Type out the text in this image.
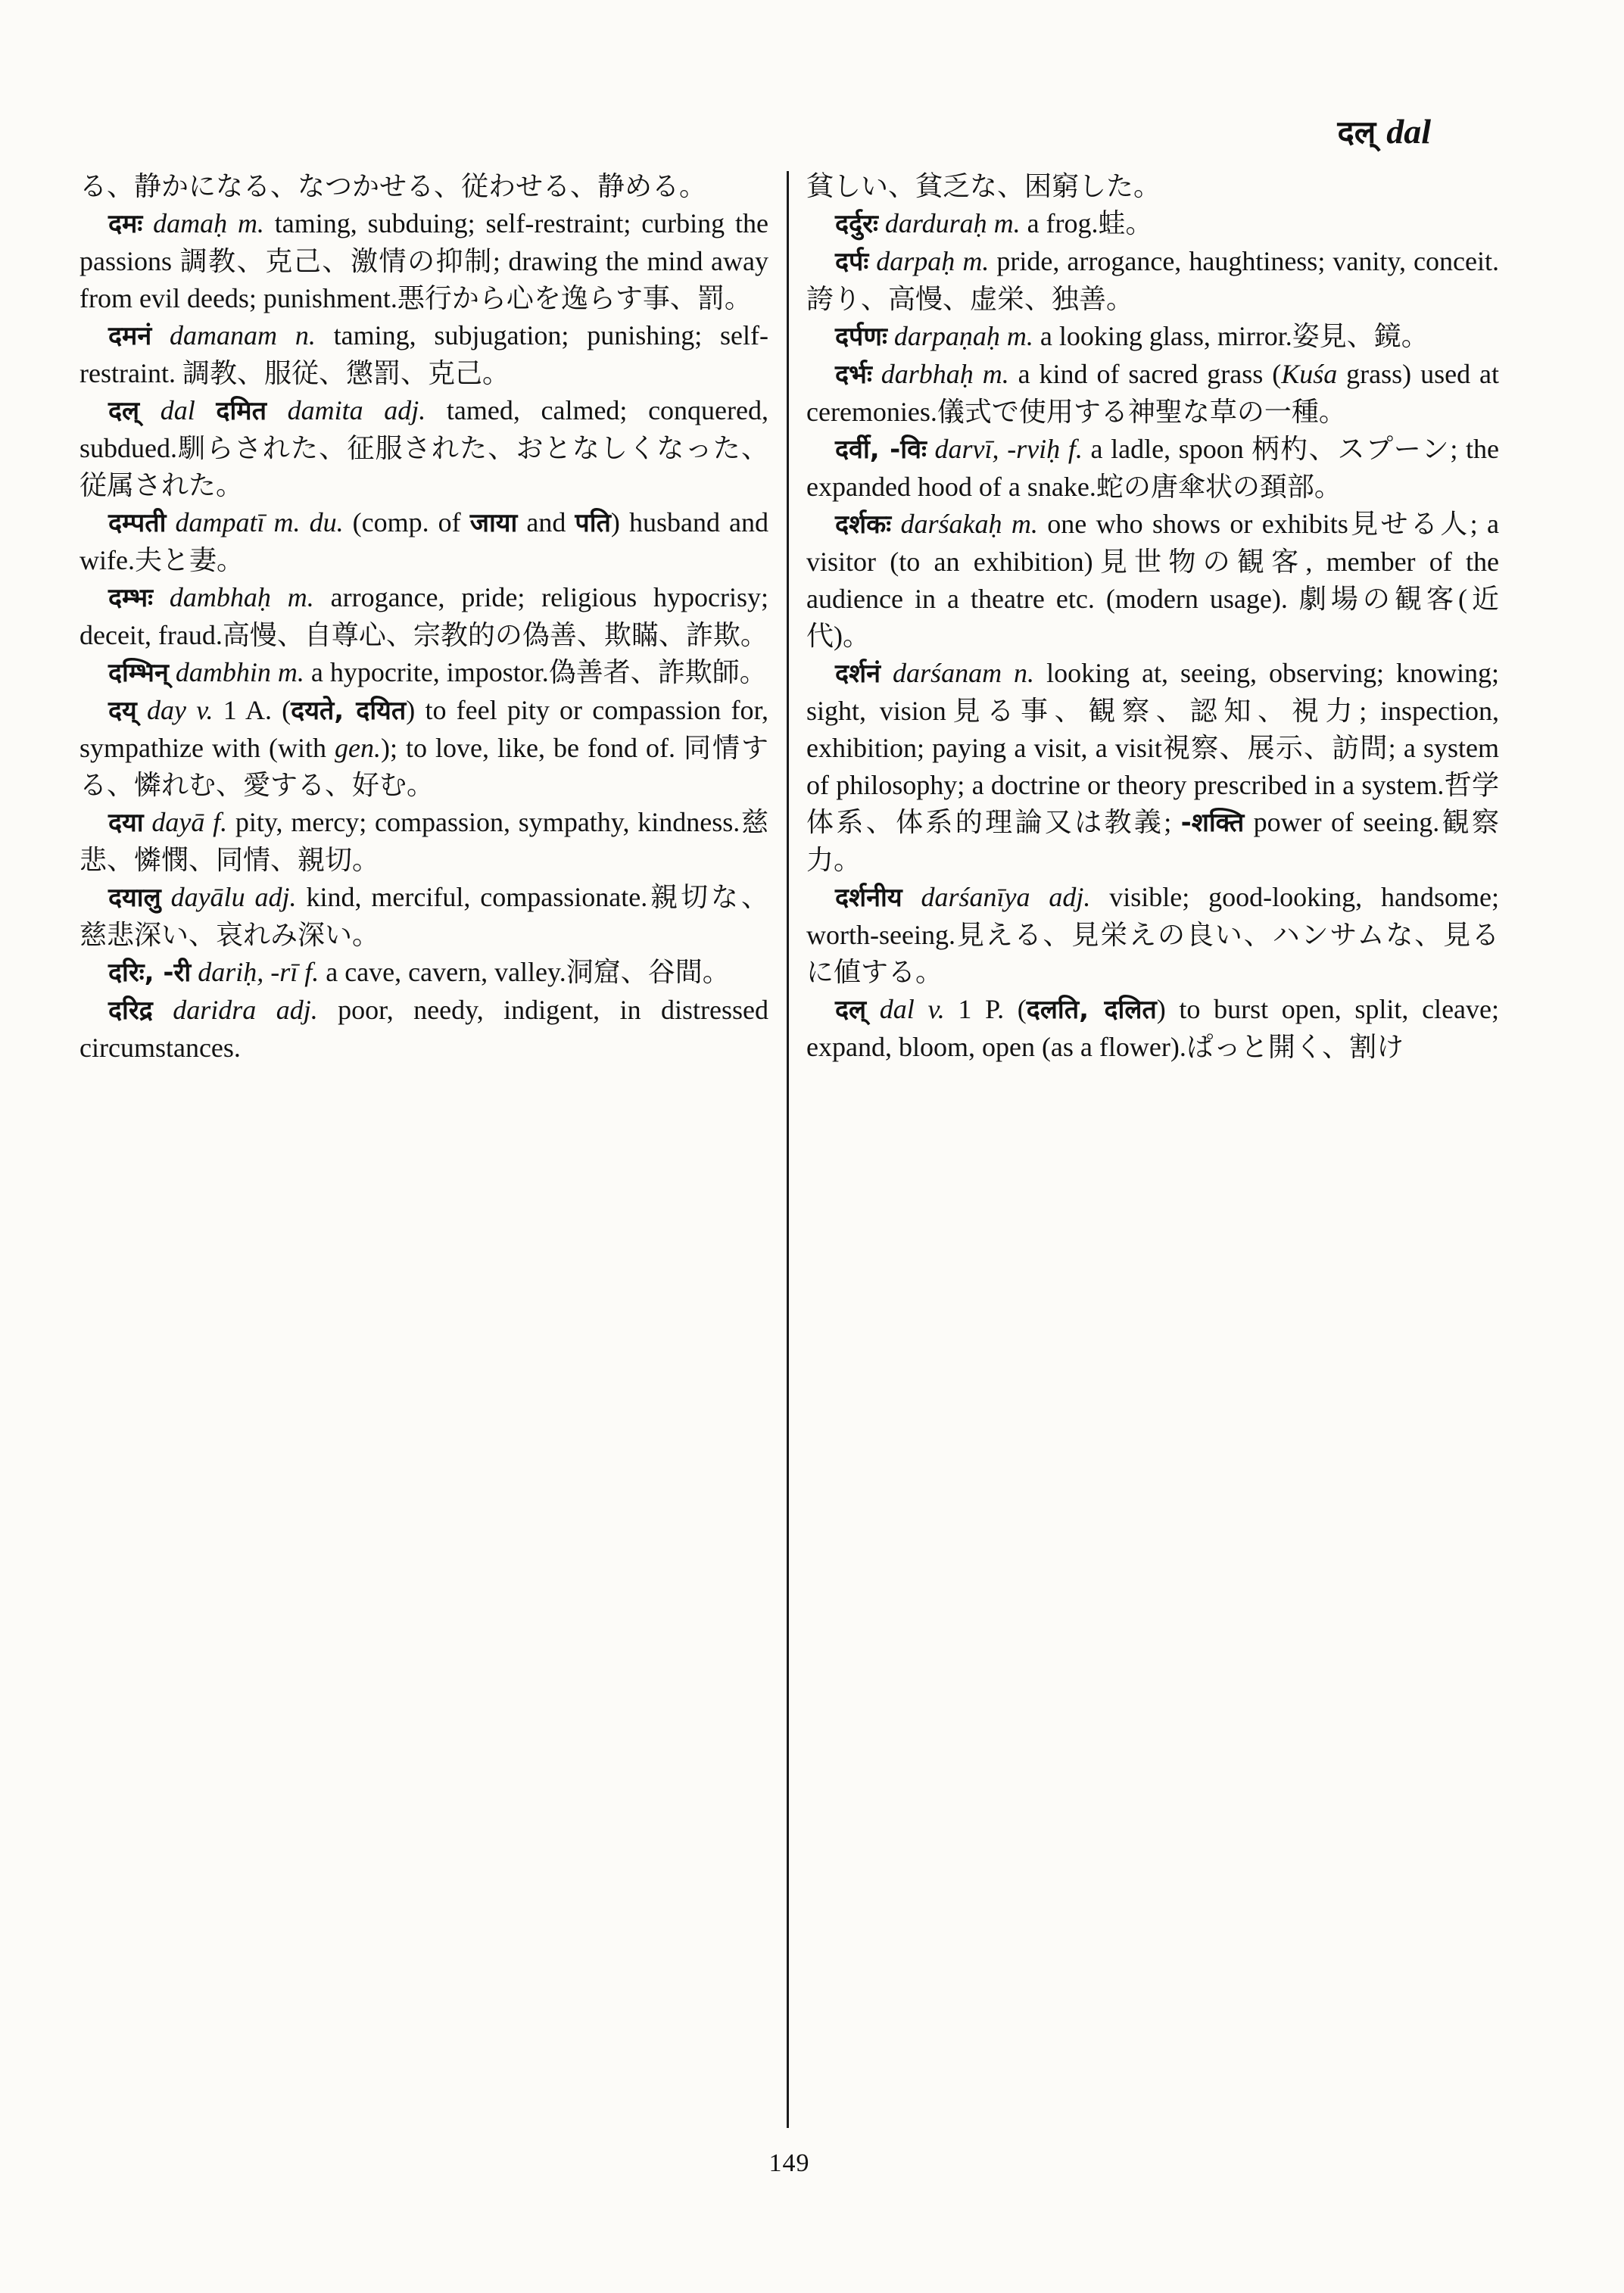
दल् dal

る、静かになる、なつかせる、従わせる、静める。

दमः damaḥ m. taming, subduing; self-restraint; curbing the passions 調教、克己、激情の抑制; drawing the mind away from evil deeds; punishment.悪行から心を逸らす事、罰。

दमनं damanam n. taming, subjugation; punishing; self-restraint. 調教、服従、懲罰、克己。

दल् dal दमित damita adj. tamed, calmed; conquered, subdued.馴らされた、征服された、おとなしくなった、従属された。

दम्पती dampatī m. du. (comp. of जाया and पति) husband and wife.夫と妻。

दम्भः dambhaḥ m. arrogance, pride; religious hypocrisy; deceit, fraud.高慢、自尊心、宗教的の偽善、欺瞞、詐欺。

दम्भिन् dambhin m. a hypocrite, impostor.偽善者、詐欺師。

दय् day v. 1 A. (दयते, दयित) to feel pity or compassion for, sympathize with (with gen.); to love, like, be fond of. 同情する、憐れむ、愛する、好む。

दया dayā f. pity, mercy; compassion, sympathy, kindness.慈悲、憐憫、同情、親切。

दयालु dayālu adj. kind, merciful, compassionate.親切な、慈悲深い、哀れみ深い。

दरिः, -री dariḥ, -rī f. a cave, cavern, valley.洞窟、谷間。

दरिद्र daridra adj. poor, needy, indigent, in distressed circumstances.

貧しい、貧乏な、困窮した。

दर्दुरः darduraḥ m. a frog.蛙。

दर्पः darpaḥ m. pride, arrogance, haughtiness; vanity, conceit.誇り、高慢、虚栄、独善。

दर्पणः darpaṇaḥ m. a looking glass, mirror.姿見、鏡。

दर्भः darbhaḥ m. a kind of sacred grass (Kuśa grass) used at ceremonies.儀式で使用する神聖な草の一種。

दर्वी, -विः darvī, -rviḥ f. a ladle, spoon 柄杓、スプーン; the expanded hood of a snake.蛇の唐傘状の頚部。

दर्शकः darśakaḥ m. one who shows or exhibits見せる人; a visitor (to an exhibition)見世物の観客, member of the audience in a theatre etc. (modern usage). 劇場の観客(近代)。

दर्शनं darśanam n. looking at, seeing, observing; knowing; sight, vision見る事、観察、認知、視力; inspection, exhibition; paying a visit, a visit視察、展示、訪問; a system of philosophy; a doctrine or theory prescribed in a system.哲学体系、体系的理論又は教義; -शक्ति power of seeing.観察力。

दर्शनीय darśanīya adj. visible; good-looking, handsome; worth-seeing.見える、見栄えの良い、ハンサムな、見るに値する。

दल् dal v. 1 P. (दलति, दलित) to burst open, split, cleave; expand, bloom, open (as a flower).ぱっと開く、割け

149
